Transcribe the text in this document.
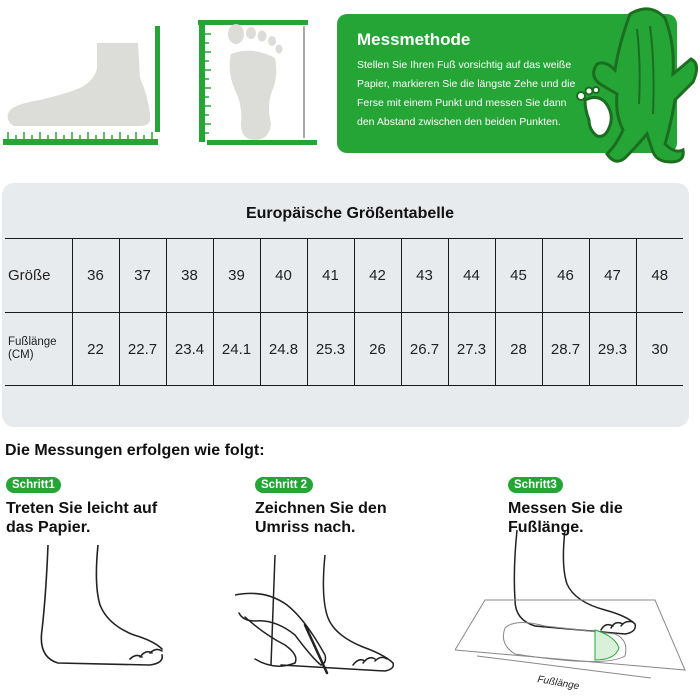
Messmethode
Stellen Sie Ihren Fuß vorsichtig auf das weiße Papier, markieren Sie die längste Zehe und die Ferse mit einem Punkt und messen Sie dann den Abstand zwischen den beiden Punkten.
Europäische Größentabelle
Größe	36	37	38	39	40	41	42	43	44	45	46	47	48
Fußlänge (CM)	22	22.7	23.4	24.1	24.8	25.3	26	26.7	27.3	28	28.7	29.3	30
Die Messungen erfolgen wie folgt:
Schritt1
Treten Sie leicht auf
das Papier.
Schritt 2
Zeichnen Sie den
Umriss nach.
Schritt3
Messen Sie die
Fußlänge.
Fußlänge
